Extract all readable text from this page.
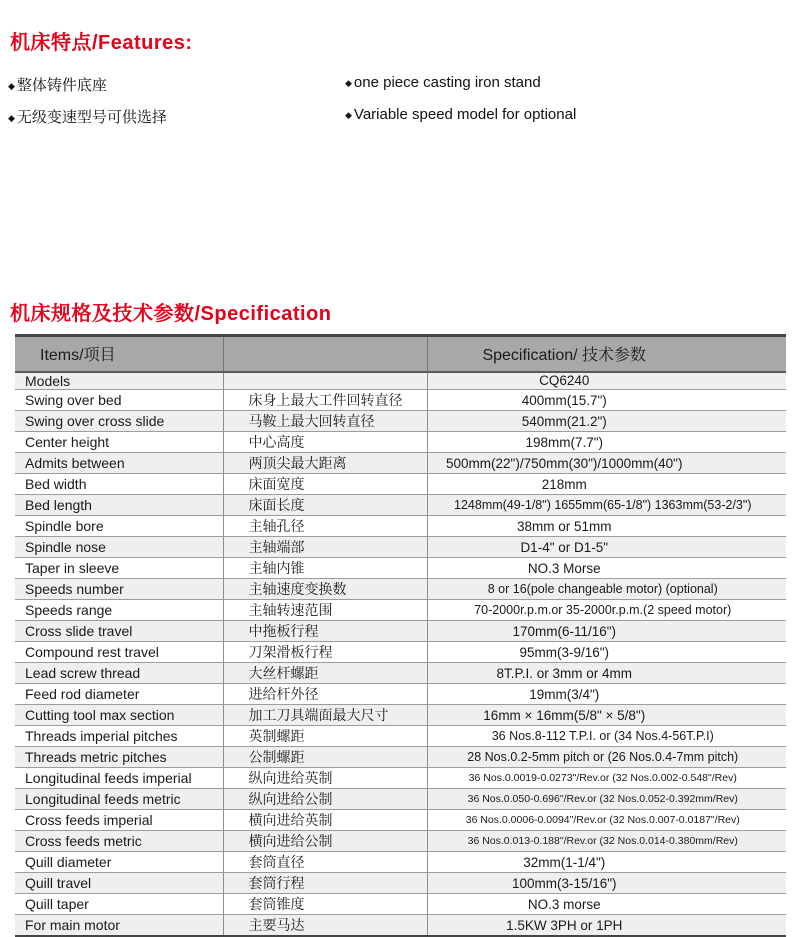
机床特点/Features:
◆ 整体铸件底座	◆ one piece casting iron stand
◆ 无级变速型号可供选择	◆ Variable speed model for optional
机床规格及技术参数/Specification
Items/项目		Specification/ 技术参数
Models		CQ6240
Swing over bed	床身上最大工件回转直径	400mm(15.7")
Swing over cross slide	马鞍上最大回转直径	540mm(21.2")
Center height	中心高度	198mm(7.7")
Admits between	两顶尖最大距离	500mm(22")/750mm(30")/1000mm(40")
Bed width	床面宽度	218mm
Bed length	床面长度	1248mm(49-1/8") 1655mm(65-1/8") 1363mm(53-2/3")
Spindle bore	主轴孔径	38mm or 51mm
Spindle nose	主轴端部	D1-4" or D1-5"
Taper in sleeve	主轴内锥	NO.3 Morse
Speeds number	主轴速度变换数	8 or 16(pole changeable motor) (optional)
Speeds range	主轴转速范围	70-2000r.p.m.or 35-2000r.p.m.(2 speed motor)
Cross slide travel	中拖板行程	170mm(6-11/16")
Compound rest travel	刀架滑板行程	95mm(3-9/16")
Lead screw thread	大丝杆螺距	8T.P.I. or 3mm or 4mm
Feed rod diameter	进给杆外径	19mm(3/4")
Cutting tool max section	加工刀具端面最大尺寸	16mm × 16mm(5/8" × 5/8")
Threads imperial pitches	英制螺距	36 Nos.8-112 T.P.I. or (34 Nos.4-56T.P.I)
Threads metric pitches	公制螺距	28 Nos.0.2-5mm pitch or (26 Nos.0.4-7mm pitch)
Longitudinal feeds imperial	纵向进给英制	36 Nos.0.0019-0.0273"/Rev.or (32 Nos.0.002-0.548"/Rev)
Longitudinal feeds metric	纵向进给公制	36 Nos.0.050-0.696"/Rev.or (32 Nos.0.052-0.392mm/Rev)
Cross feeds imperial	横向进给英制	36 Nos.0.0006-0.0094"/Rev.or (32 Nos.0.007-0.0187"/Rev)
Cross feeds metric	横向进给公制	36 Nos.0.013-0.188"/Rev.or (32 Nos.0.014-0.380mm/Rev)
Quill diameter	套筒直径	32mm(1-1/4")
Quill travel	套筒行程	100mm(3-15/16")
Quill taper	套筒锥度	NO.3 morse
For main motor	主要马达	1.5KW 3PH or 1PH
